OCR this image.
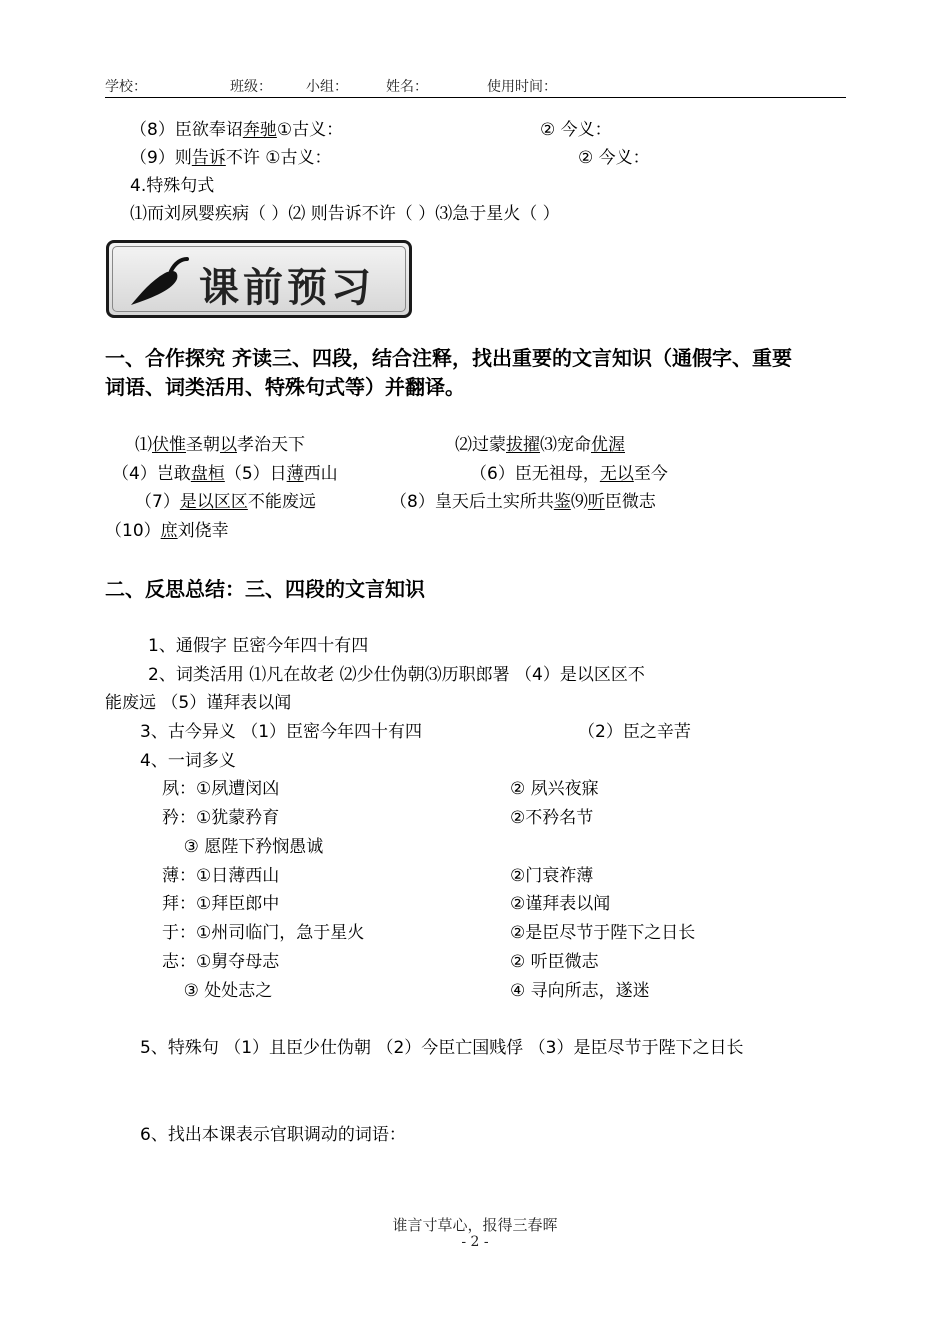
学校：	班级： 小组：	姓名：	使用时间：
（8）臣欲奉诏奔驰①古义：	② 今义：
（9）则告诉不许 ①古义：	② 今义：
4.特殊句式
⑴而刘夙婴疾病（ ）⑵ 则告诉不许（ ）⑶急于星火（ ）
课前预习
一、合作探究 齐读三、四段，结合注释，找出重要的文言知识（通假字、重要
词语、词类活用、特殊句式等）并翻译。
⑴伏惟圣朝以孝治天下	⑵过蒙拔擢⑶宠命优渥
（4）岂敢盘桓（5）日薄西山	（6）臣无祖母，无以至今
（7）是以区区不能废远	（8）皇天后土实所共鉴⑼听臣微志
（10）庶刘侥幸
二、反思总结：三、四段的文言知识
1、通假字 臣密今年四十有四
2、词类活用 ⑴凡在故老 ⑵少仕伪朝⑶历职郎署 （4）是以区区不
能废远 （5）谨拜表以闻
3、古今异义 （1）臣密今年四十有四	（2）臣之辛苦
4、一词多义
夙：①夙遭闵凶	② 夙兴夜寐
矜：①犹蒙矜育	②不矜名节
③ 愿陛下矜悯愚诚
薄：①日薄西山	②门衰祚薄
拜：①拜臣郎中	②谨拜表以闻
于：①州司临门，急于星火	②是臣尽节于陛下之日长
志：①舅夺母志	② 听臣微志
③ 处处志之	④ 寻向所志，遂迷
5、特殊句 （1）且臣少仕伪朝 （2）今臣亡国贱俘 （3）是臣尽节于陛下之日长
6、找出本课表示官职调动的词语：
谁言寸草心，报得三春晖
- 2 -
